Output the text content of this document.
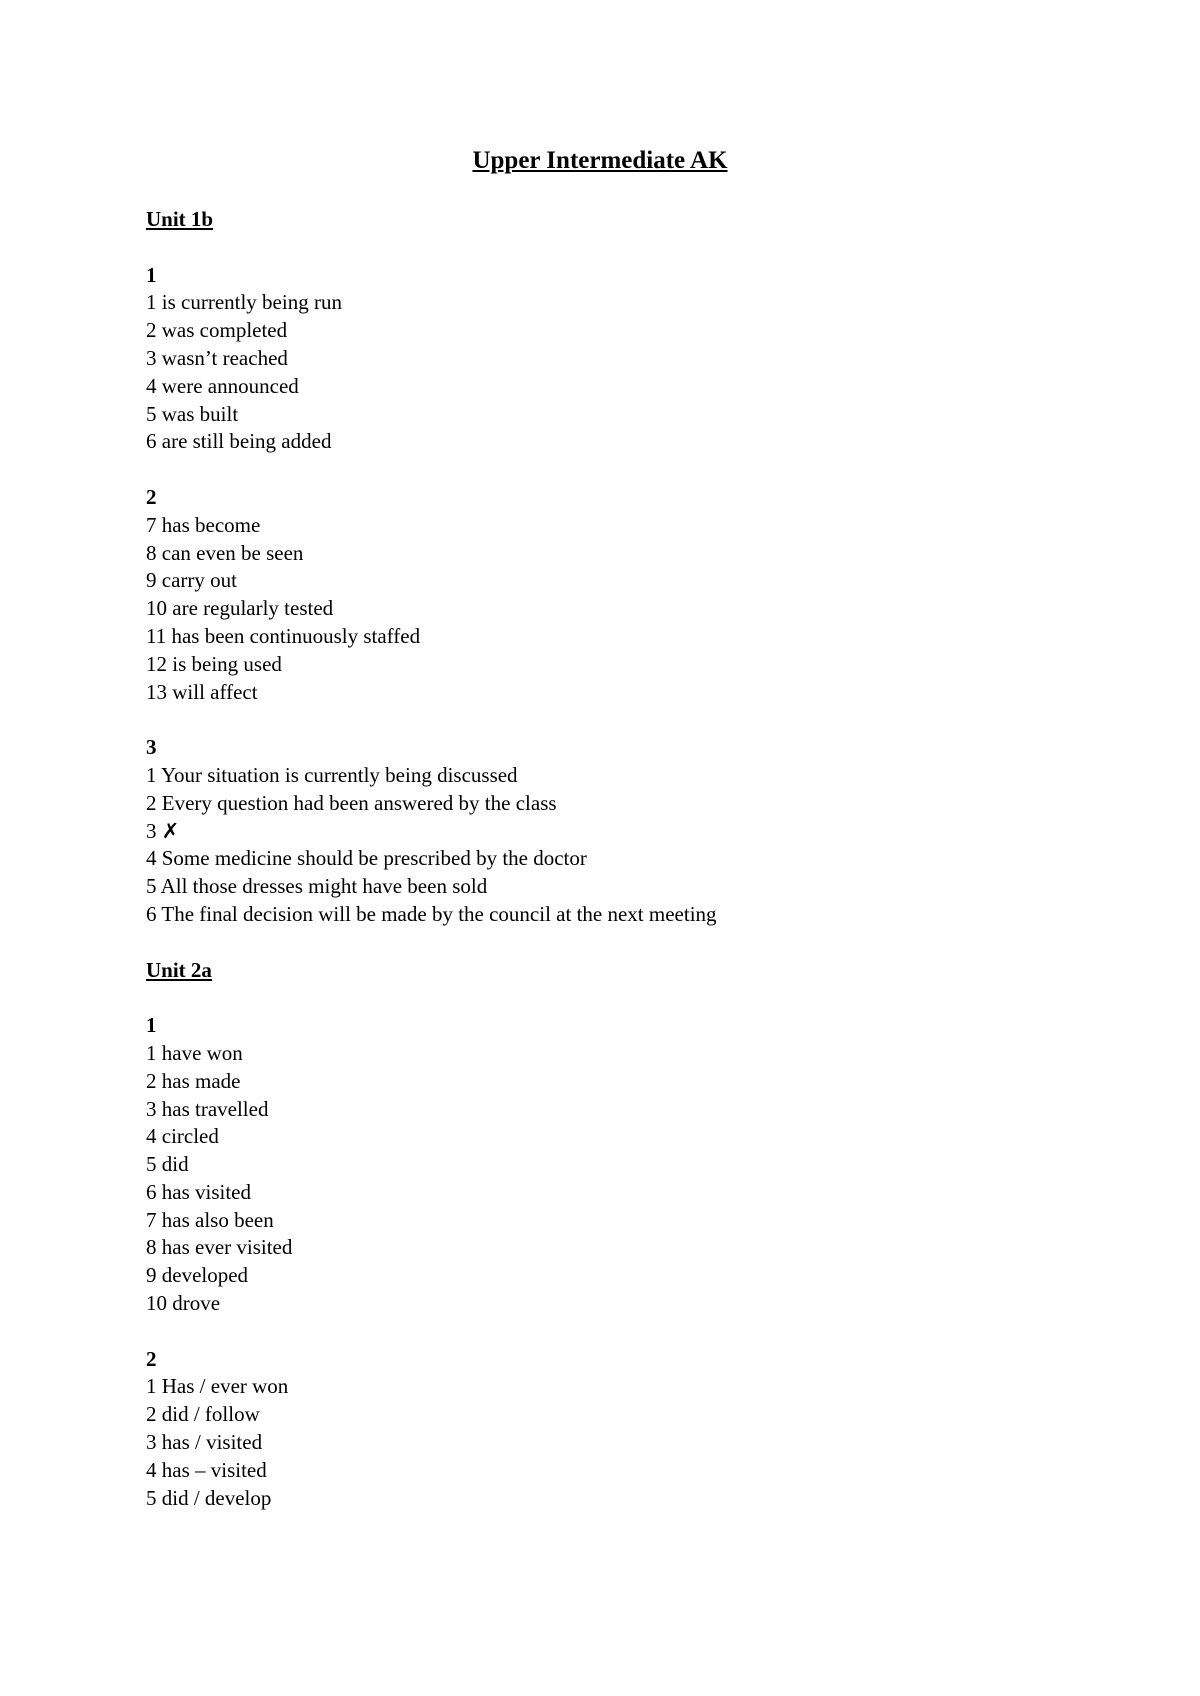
Upper Intermediate AK
Unit 1b
1
1 is currently being run
2 was completed
3 wasn’t reached
4 were announced
5 was built
6 are still being added
2
7 has become
8 can even be seen
9 carry out
10 are regularly tested
11 has been continuously staffed
12 is being used
13 will affect
3
1 Your situation is currently being discussed
2 Every question had been answered by the class
3 ✗
4 Some medicine should be prescribed by the doctor
5 All those dresses might have been sold
6 The final decision will be made by the council at the next meeting
Unit 2a
1
1 have won
2 has made
3 has travelled
4 circled
5 did
6 has visited
7 has also been
8 has ever visited
9 developed
10 drove
2
1 Has / ever won
2 did / follow
3 has / visited
4 has – visited
5 did / develop
